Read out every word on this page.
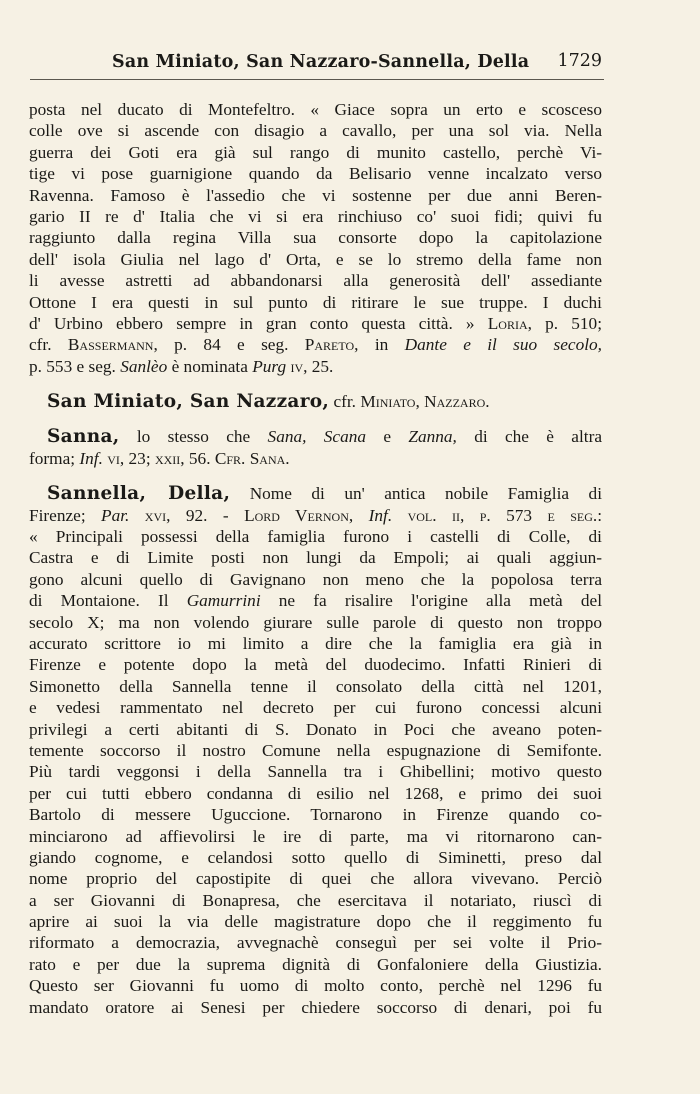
San Miniato, San Nazzaro-Sannella, Della 1729
posta nel ducato di Montefeltro. « Giace sopra un erto e scosceso
colle ove si ascende con disagio a cavallo, per una sol via. Nella
guerra dei Goti era già sul rango di munito castello, perchè Vi-
tige vi pose guarnigione quando da Belisario venne incalzato verso
Ravenna. Famoso è l'assedio che vi sostenne per due anni Beren-
gario II re d' Italia che vi si era rinchiuso co' suoi fidi; quivi fu
raggiunto dalla regina Villa sua consorte dopo la capitolazione
dell' isola Giulia nel lago d' Orta, e se lo stremo della fame non
li avesse astretti ad abbandonarsi alla generosità dell' assediante
Ottone I era questi in sul punto di ritirare le sue truppe. I duchi
d' Urbino ebbero sempre in gran conto questa città. » Loria, p. 510;
cfr. Bassermann, p. 84 e seg. Pareto, in Dante e il suo secolo,
p. 553 e seg. Sanlèo è nominata Purg iv, 25.
San Miniato, San Nazzaro, cfr. Miniato, Nazzaro.
Sanna, lo stesso che Sana, Scana e Zanna, di che è altra
forma; Inf. vi, 23; xxii, 56. Cfr. Sana.
Sannella, Della, Nome di un' antica nobile Famiglia di
Firenze; Par. xvi, 92. - Lord Vernon, Inf. vol. ii, p. 573 e seg.:
« Principali possessi della famiglia furono i castelli di Colle, di
Castra e di Limite posti non lungi da Empoli; ai quali aggiun-
gono alcuni quello di Gavignano non meno che la popolosa terra
di Montaione. Il Gamurrini ne fa risalire l'origine alla metà del
secolo X; ma non volendo giurare sulle parole di questo non troppo
accurato scrittore io mi limito a dire che la famiglia era già in
Firenze e potente dopo la metà del duodecimo. Infatti Rinieri di
Simonetto della Sannella tenne il consolato della città nel 1201,
e vedesi rammentato nel decreto per cui furono concessi alcuni
privilegi a certi abitanti di S. Donato in Poci che aveano poten-
temente soccorso il nostro Comune nella espugnazione di Semifonte.
Più tardi veggonsi i della Sannella tra i Ghibellini; motivo questo
per cui tutti ebbero condanna di esilio nel 1268, e primo dei suoi
Bartolo di messere Uguccione. Tornarono in Firenze quando co-
minciarono ad affievolirsi le ire di parte, ma vi ritornarono can-
giando cognome, e celandosi sotto quello di Siminetti, preso dal
nome proprio del capostipite di quei che allora vivevano. Perciò
a ser Giovanni di Bonapresa, che esercitava il notariato, riuscì di
aprire ai suoi la via delle magistrature dopo che il reggimento fu
riformato a democrazia, avvegnachè conseguì per sei volte il Prio-
rato e per due la suprema dignità di Gonfaloniere della Giustizia.
Questo ser Giovanni fu uomo di molto conto, perchè nel 1296 fu
mandato oratore ai Senesi per chiedere soccorso di denari, poi fu
